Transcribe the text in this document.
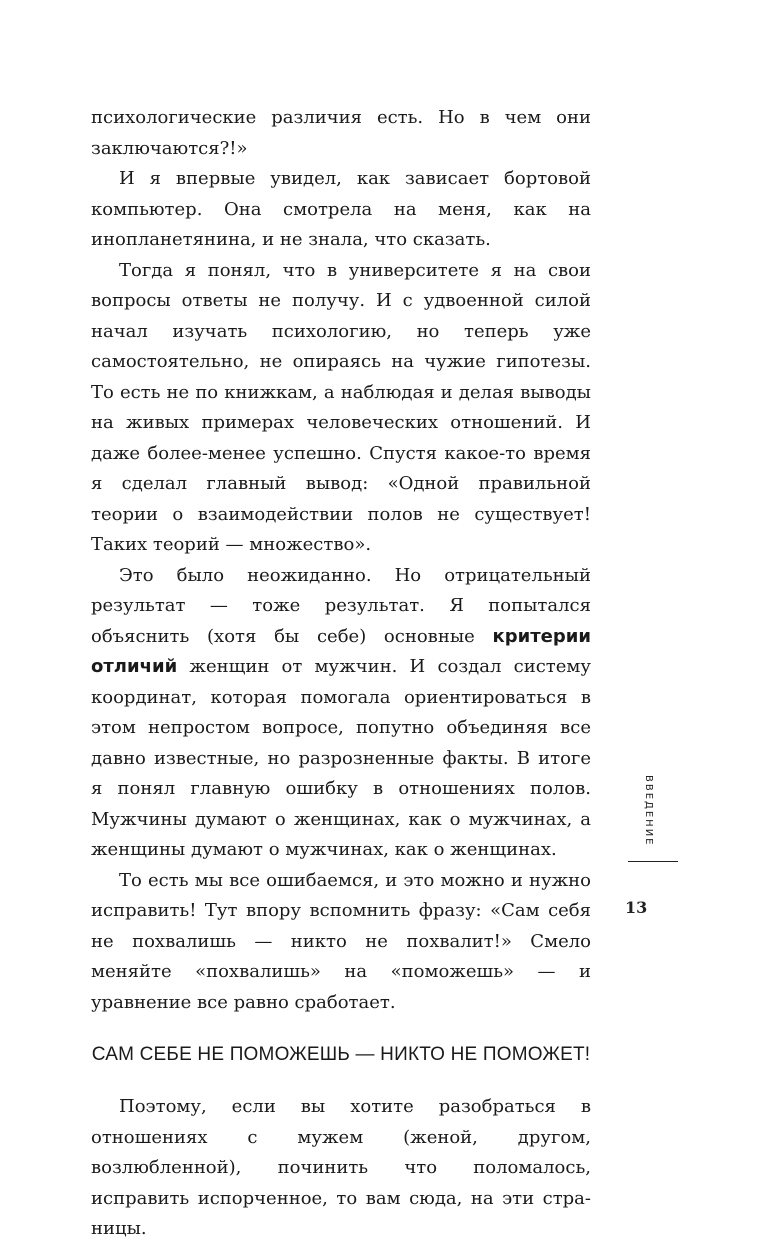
психологические различия есть. Но в чем они заключаются?!»

И я впервые увидел, как зависает бортовой компьютер. Она смотрела на меня, как на инопланетянина, и не знала, что сказать.

Тогда я понял, что в университете я на свои вопросы ответы не получу. И с удвоенной силой начал изучать психологию, но теперь уже самостоятельно, не опираясь на чужие гипотезы. То есть не по книжкам, а наблюдая и делая выводы на живых примерах человеческих отношений. И даже более-менее успешно. Спустя какое-то время я сделал главный вывод: «Одной правильной теории о взаимодействии полов не существует! Таких теорий — множество».

Это было неожиданно. Но отрицательный результат — тоже результат. Я попытался объяснить (хотя бы себе) основные критерии отличий женщин от мужчин. И создал систему координат, которая помогала ориентироваться в этом непростом вопросе, попутно объединяя все давно известные, но разрозненные факты. В итоге я понял главную ошибку в отношениях полов. Мужчины думают о женщинах, как о мужчинах, а женщины думают о мужчинах, как о женщинах.

То есть мы все ошибаемся, и это можно и нужно исправить! Тут впору вспомнить фразу: «Сам себя не похвалишь — никто не похвалит!» Смело меняйте «похвалишь» на «поможешь» — и уравнение все равно сработает.

САМ СЕБЕ НЕ ПОМОЖЕШЬ — НИКТО НЕ ПОМОЖЕТ!

Поэтому, если вы хотите разобраться в отношениях с мужем (женой, другом, возлюбленной), починить что поломалось, исправить испорченное, то вам сюда, на эти страницы.

ВВЕДЕНИЕ
13
